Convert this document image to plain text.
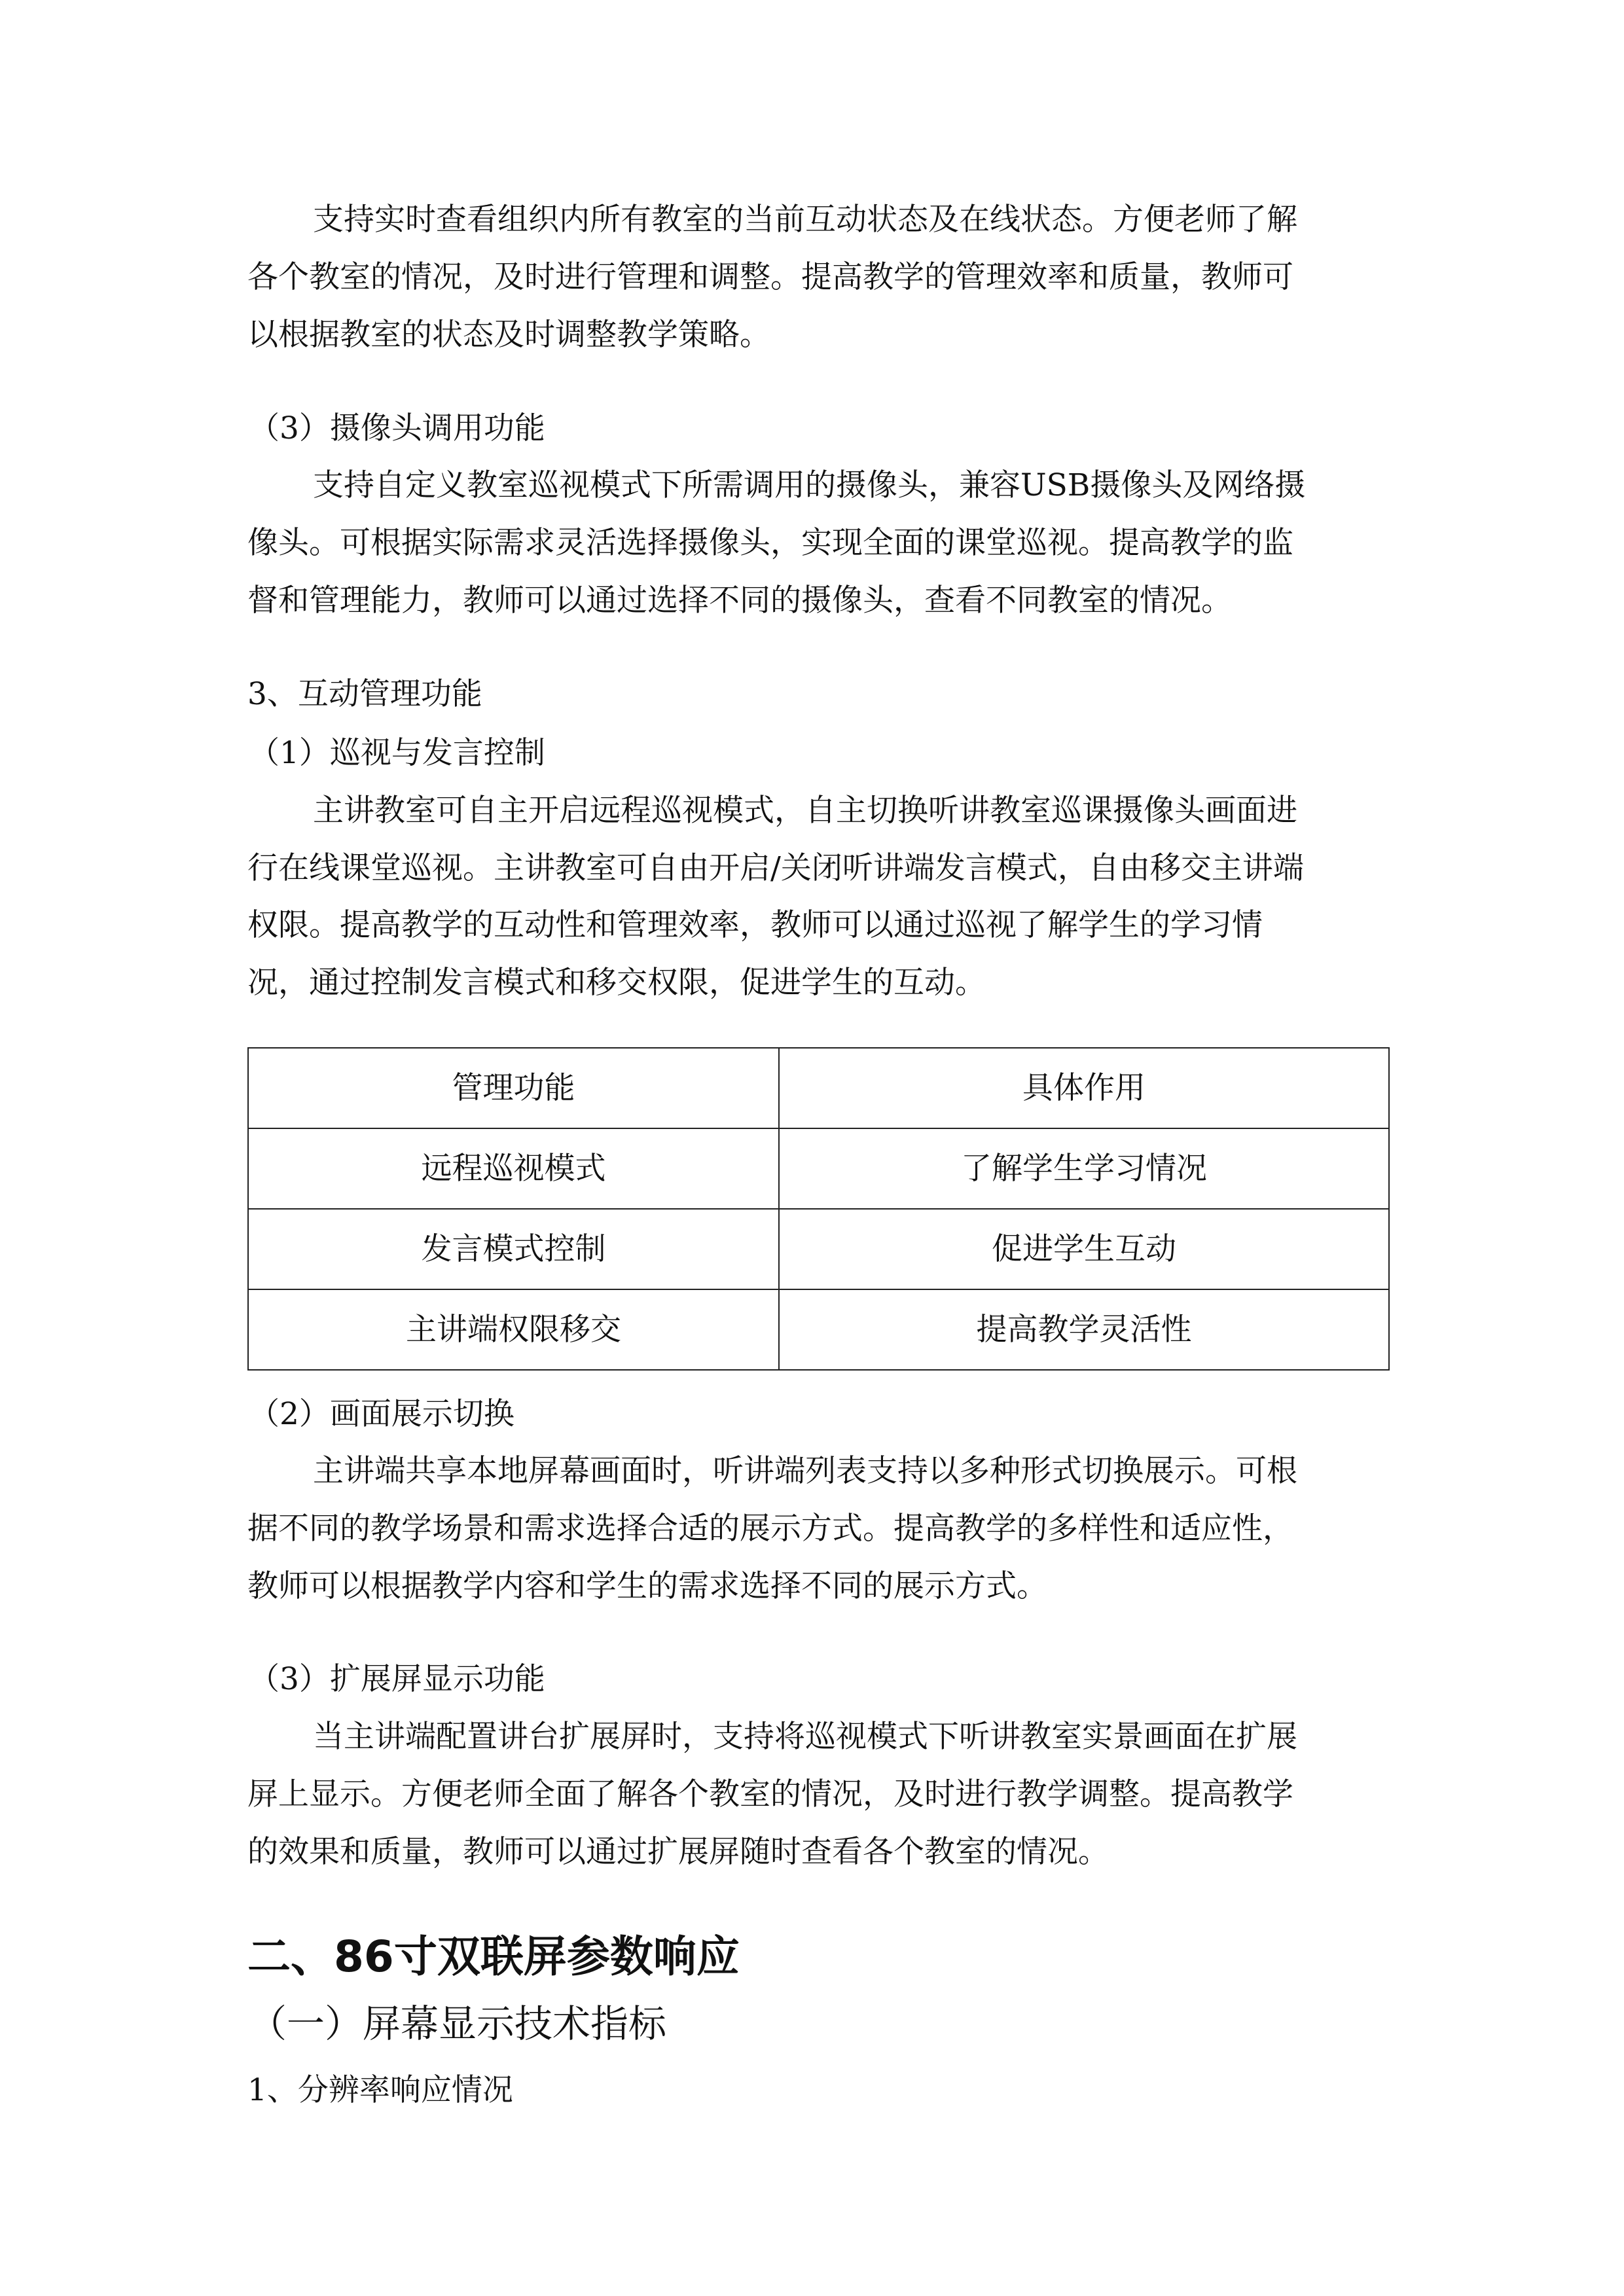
支持实时查看组织内所有教室的当前互动状态及在线状态。方便老师了解
各个教室的情况，及时进行管理和调整。提高教学的管理效率和质量，教师可
以根据教室的状态及时调整教学策略。
（3）摄像头调用功能
支持自定义教室巡视模式下所需调用的摄像头，兼容USB摄像头及网络摄
像头。可根据实际需求灵活选择摄像头，实现全面的课堂巡视。提高教学的监
督和管理能力，教师可以通过选择不同的摄像头，查看不同教室的情况。
3、互动管理功能
（1）巡视与发言控制
主讲教室可自主开启远程巡视模式，自主切换听讲教室巡课摄像头画面进
行在线课堂巡视。主讲教室可自由开启/关闭听讲端发言模式，自由移交主讲端
权限。提高教学的互动性和管理效率，教师可以通过巡视了解学生的学习情
况，通过控制发言模式和移交权限，促进学生的互动。
管理功能	具体作用
远程巡视模式	了解学生学习情况
发言模式控制	促进学生互动
主讲端权限移交	提高教学灵活性
（2）画面展示切换
主讲端共享本地屏幕画面时，听讲端列表支持以多种形式切换展示。可根
据不同的教学场景和需求选择合适的展示方式。提高教学的多样性和适应性，
教师可以根据教学内容和学生的需求选择不同的展示方式。
（3）扩展屏显示功能
当主讲端配置讲台扩展屏时，支持将巡视模式下听讲教室实景画面在扩展
屏上显示。方便老师全面了解各个教室的情况，及时进行教学调整。提高教学
的效果和质量，教师可以通过扩展屏随时查看各个教室的情况。
二、86寸双联屏参数响应
（一）屏幕显示技术指标
1、分辨率响应情况
